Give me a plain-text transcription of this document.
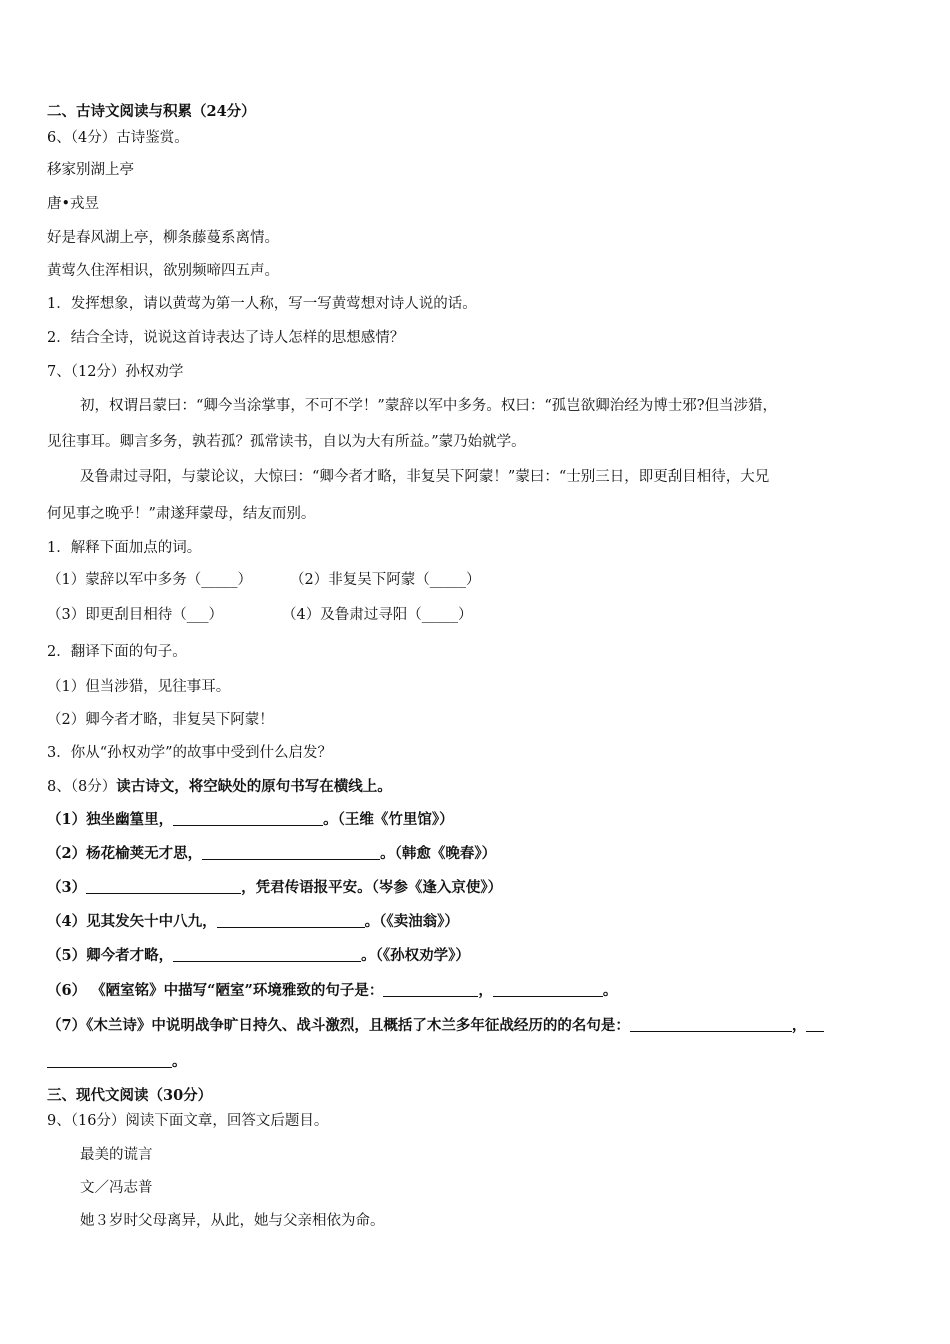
二、古诗文阅读与积累（24分）
6、（4分）古诗鉴赏。
移家别湖上亭
唐•戎昱
好是春风湖上亭，柳条藤蔓系离情。
黄莺久住浑相识，欲别频啼四五声。
1．发挥想象，请以黄莺为第一人称，写一写黄莺想对诗人说的话。
2．结合全诗，说说这首诗表达了诗人怎样的思想感情？
7、（12分）孙权劝学
初，权谓吕蒙曰：“卿今当涂掌事，不可不学！”蒙辞以军中多务。权曰：“孤岂欲卿治经为博士邪?但当涉猎，
见往事耳。卿言多务，孰若孤？孤常读书，自以为大有所益。”蒙乃始就学。
及鲁肃过寻阳，与蒙论议，大惊曰：“卿今者才略，非复吴下阿蒙！”蒙曰：“士别三日，即更刮目相待，大兄
何见事之晚乎！”肃遂拜蒙母，结友而别。
1．解释下面加点的词。
（1）蒙辞以军中多务（_____）	（2）非复吴下阿蒙（_____）
（3）即更刮目相待（___）	（4）及鲁肃过寻阳（_____）
2．翻译下面的句子。
（1）但当涉猎，见往事耳。
（2）卿今者才略，非复吴下阿蒙！
3．你从“孙权劝学”的故事中受到什么启发？
8、（8分）读古诗文，将空缺处的原句书写在横线上。
（1）独坐幽篁里，	。（王维《竹里馆》）
（2）杨花榆荚无才思，	。（韩愈《晚春》）
（3）	，凭君传语报平安。（岑参《逢入京使》）
（4）见其发矢十中八九，	。（《卖油翁》）
（5）卿今者才略，	。（《孙权劝学》）
（6） 《陋室铭》中描写“陋室”环境雅致的句子是：	，	。
（7）《木兰诗》中说明战争旷日持久、战斗激烈，且概括了木兰多年征战经历的的名句是：	，
。
三、现代文阅读（30分）
9、（16分）阅读下面文章，回答文后题目。
最美的谎言
文／冯志普
她３岁时父母离异，从此，她与父亲相依为命。
